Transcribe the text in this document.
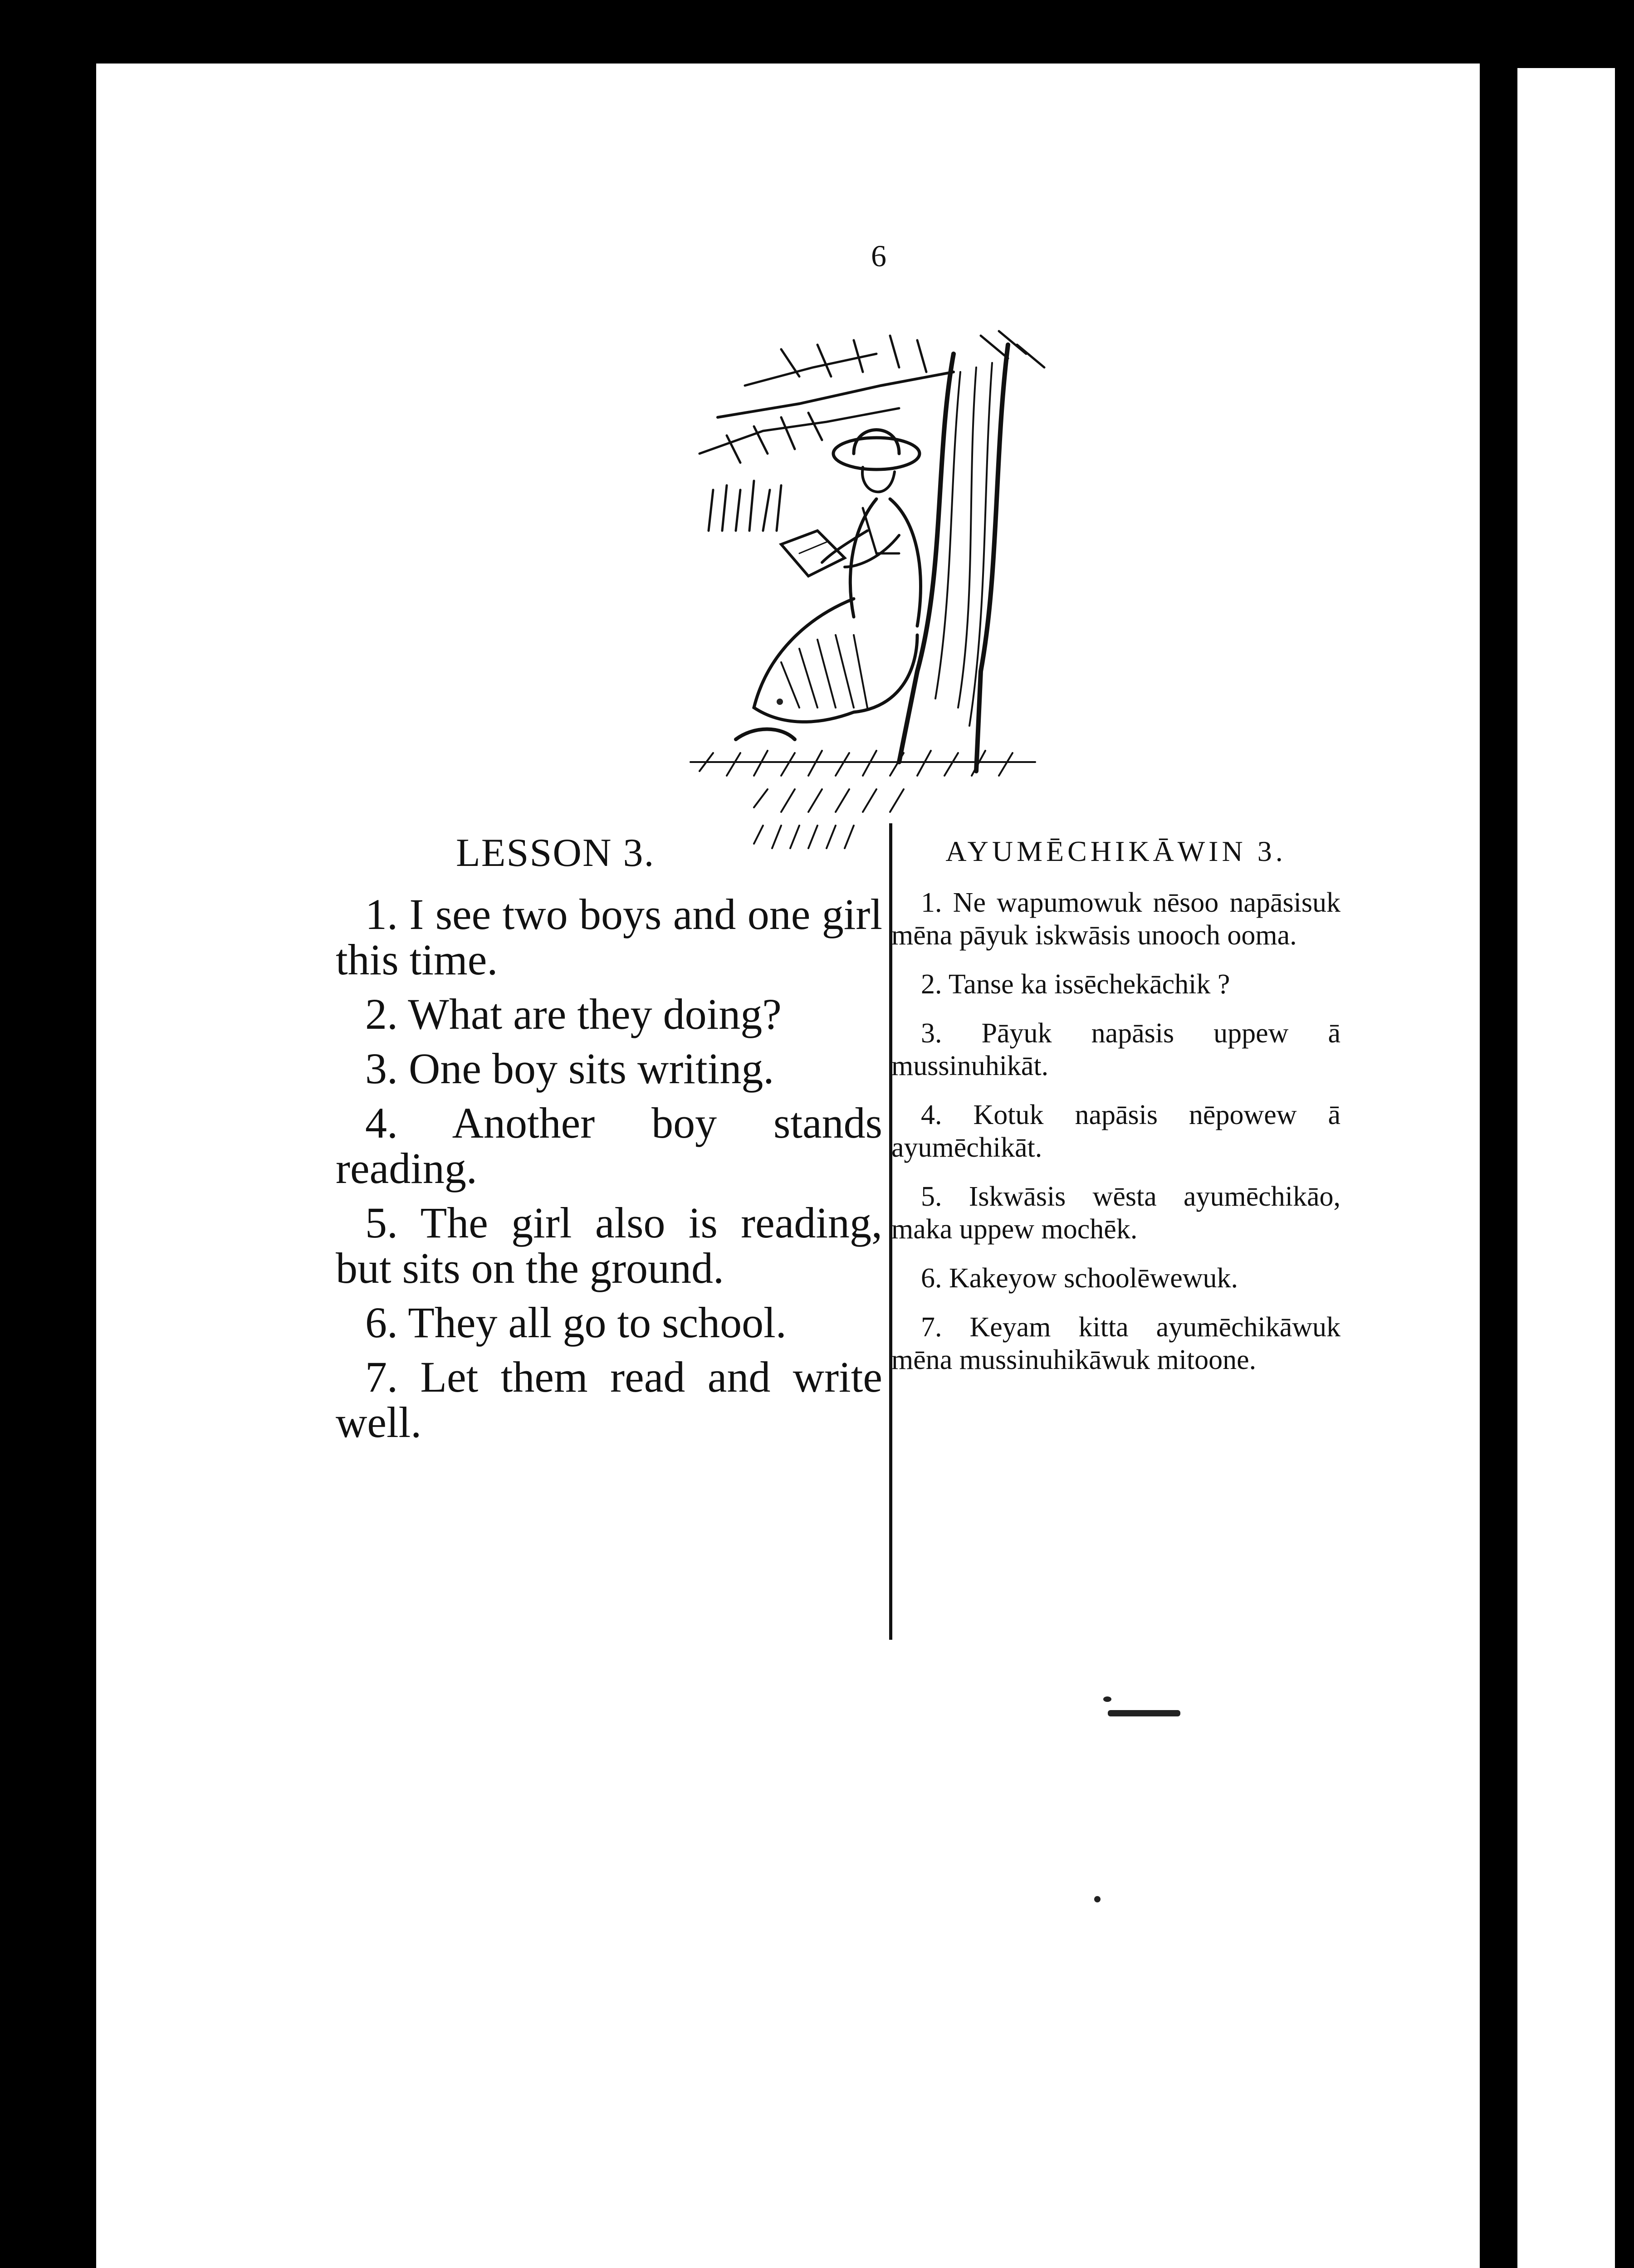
6
LESSON 3.

1. I see two boys and one girl this time.

2. What are they doing?

3. One boy sits writing.

4. Another boy stands reading.

5. The girl also is reading, but sits on the ground.

6. They all go to school.

7. Let them read and write well.

AYUMĒCHIKĀWIN 3.

1. Ne wapumowuk nēsoo napāsisuk mēna pāyuk iskwāsis unooch ooma.

2. Tanse ka issēchekāchik ?

3. Pāyuk napāsis uppew ā mussinuhikāt.

4. Kotuk napāsis nēpowew ā ayumēchikāt.

5. Iskwāsis wēsta ayumēchikāo, maka uppew mochēk.

6. Kakeyow schoolēwewuk.

7. Keyam kitta ayumēchikāwuk mēna mussinuhikāwuk mitoone.
